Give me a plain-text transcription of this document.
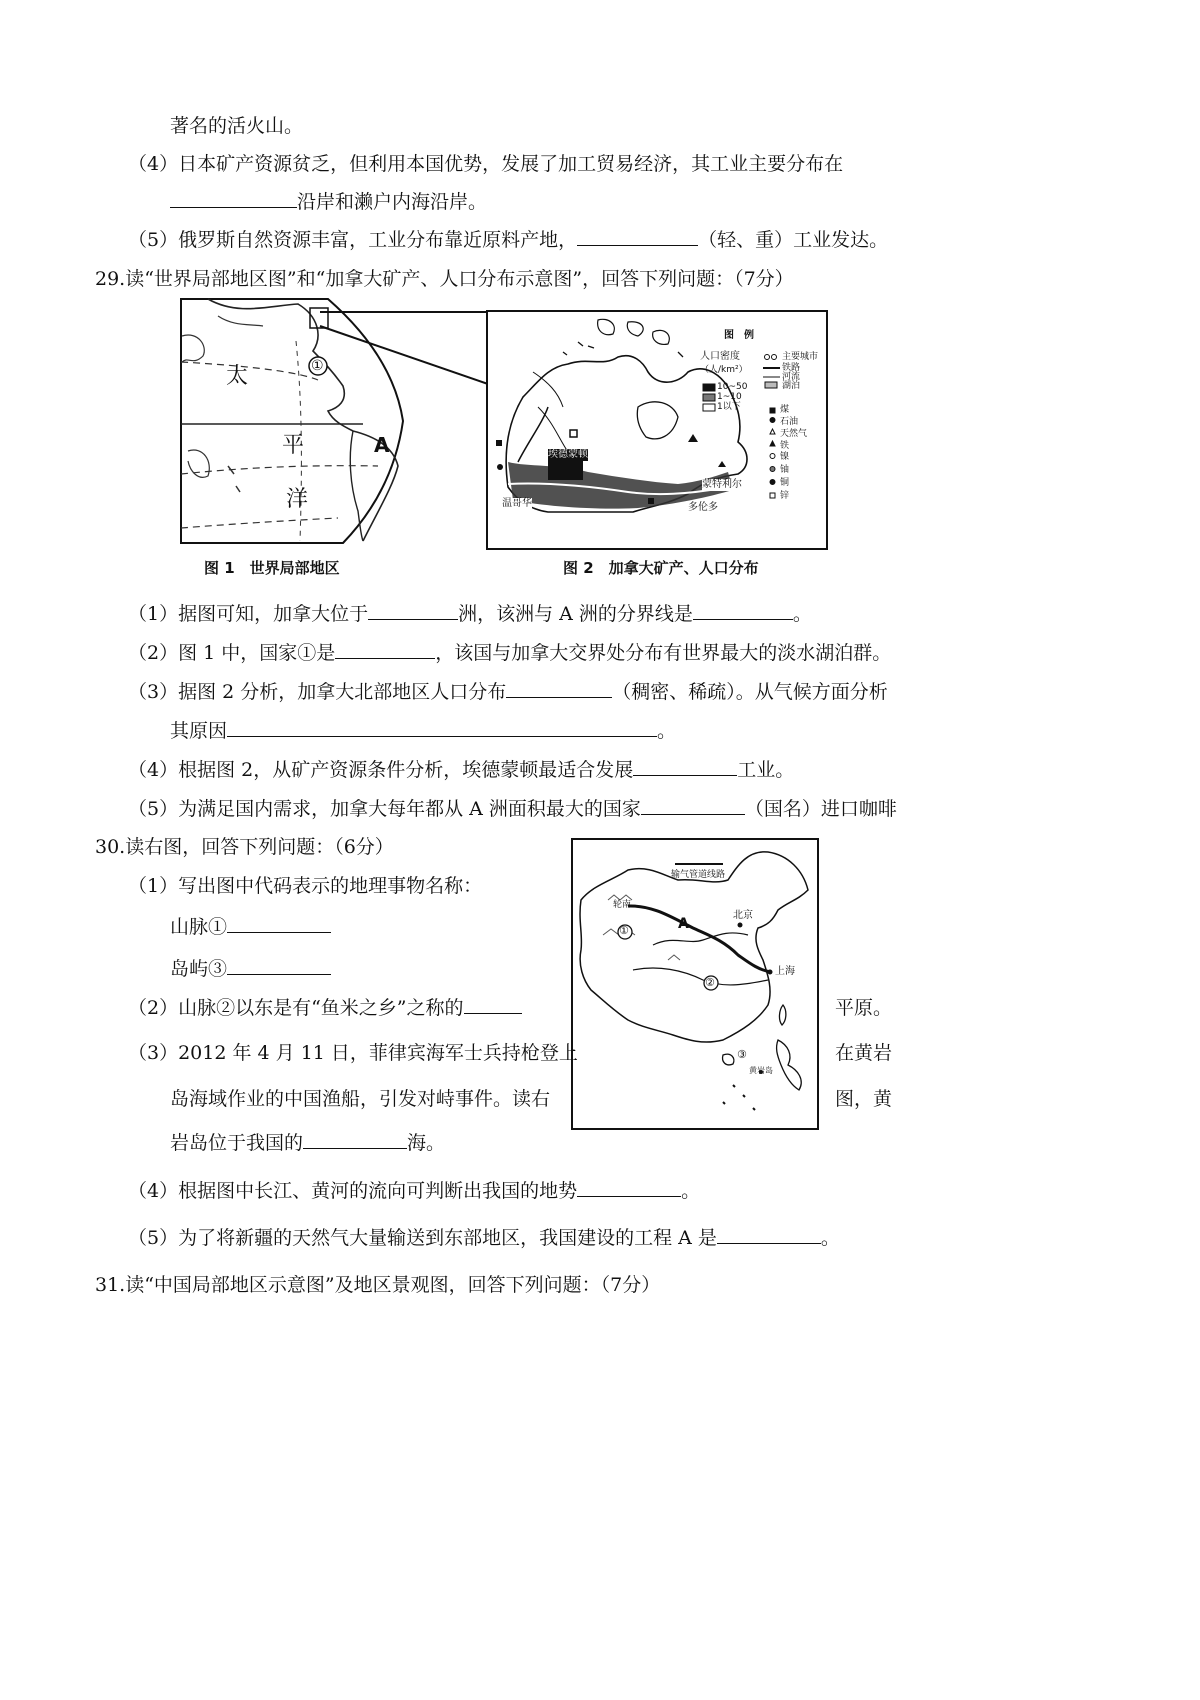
著名的活火山。
（4）日本矿产资源贫乏，但利用本国优势，发展了加工贸易经济，其工业主要分布在
沿岸和濑户内海沿岸。
（5）俄罗斯自然资源丰富，工业分布靠近原料产地，	（轻、重）工业发达。
29.读“世界局部地区图”和“加拿大矿产、人口分布示意图”，回答下列问题：（7分）
①
太
平
洋
A
图　例
人口密度
（人/km²）
10~50
1~10
1以下
主要城市
铁路
河流
湖泊
煤
石油
天然气
铁
镍
铀
铜
锌
埃德蒙顿
温哥华
蒙特利尔
多伦多
图 1　世界局部地区	图 2　加拿大矿产、人口分布
（1）据图可知，加拿大位于	洲，该洲与 A 洲的分界线是	。
（2）图 1 中，国家①是	，该国与加拿大交界处分布有世界最大的淡水湖泊群。
（3）据图 2 分析，加拿大北部地区人口分布	（稠密、稀疏）。从气候方面分析
其原因	。
（4）根据图 2，从矿产资源条件分析，埃德蒙顿最适合发展	工业。
（5）为满足国内需求，加拿大每年都从 A 洲面积最大的国家	（国名）进口咖啡
30.读右图，回答下列问题：（6分）
输气管道线路
轮南
A
北京
上海
①
②
③
黄岩岛
（1）写出图中代码表示的地理事物名称：
山脉①
岛屿③
（2）山脉②以东是有“鱼米之乡”之称的	平原。
（3）2012 年 4 月 11 日，菲律宾海军士兵持枪登上	在黄岩
岛海域作业的中国渔船，引发对峙事件。读右	图，黄
岩岛位于我国的	海。
（4）根据图中长江、黄河的流向可判断出我国的地势	。
（5）为了将新疆的天然气大量输送到东部地区，我国建设的工程 A 是	。
31.读“中国局部地区示意图”及地区景观图，回答下列问题：（7分）
